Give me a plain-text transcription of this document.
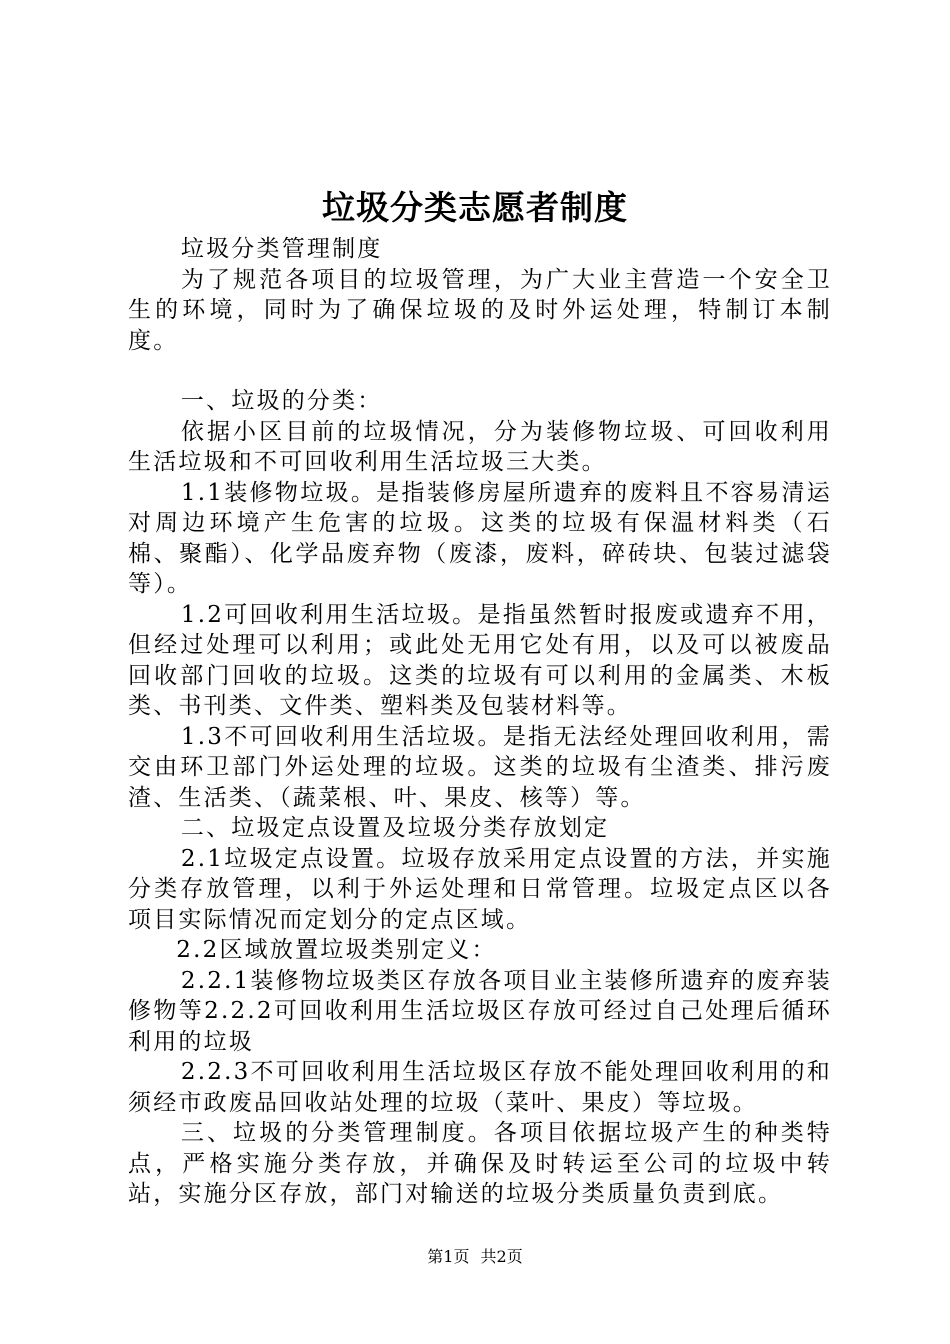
垃圾分类志愿者制度

垃圾分类管理制度

为了规范各项目的垃圾管理，为广大业主营造一个安全卫生的环境，同时为了确保垃圾的及时外运处理，特制订本制度。

一、垃圾的分类：

依据小区目前的垃圾情况，分为装修物垃圾、可回收利用生活垃圾和不可回收利用生活垃圾三大类。

1.1装修物垃圾。是指装修房屋所遗弃的废料且不容易清运对周边环境产生危害的垃圾。这类的垃圾有保温材料类（石棉、聚酯）、化学品废弃物（废漆，废料，碎砖块、包装过滤袋等）。

1.2可回收利用生活垃圾。是指虽然暂时报废或遗弃不用，但经过处理可以利用；或此处无用它处有用，以及可以被废品回收部门回收的垃圾。这类的垃圾有可以利用的金属类、木板类、书刊类、文件类、塑料类及包装材料等。

1.3不可回收利用生活垃圾。是指无法经处理回收利用，需交由环卫部门外运处理的垃圾。这类的垃圾有尘渣类、排污废渣、生活类、（蔬菜根、叶、果皮、核等）等。

二、垃圾定点设置及垃圾分类存放划定

2.1垃圾定点设置。垃圾存放采用定点设置的方法，并实施分类存放管理，以利于外运处理和日常管理。垃圾定点区以各项目实际情况而定划分的定点区域。

2.2区域放置垃圾类别定义：

2.2.1装修物垃圾类区存放各项目业主装修所遗弃的废弃装修物等2.2.2可回收利用生活垃圾区存放可经过自己处理后循环利用的垃圾

2.2.3不可回收利用生活垃圾区存放不能处理回收利用的和须经市政废品回收站处理的垃圾（菜叶、果皮）等垃圾。

三、垃圾的分类管理制度。各项目依据垃圾产生的种类特点，严格实施分类存放，并确保及时转运至公司的垃圾中转站，实施分区存放，部门对输送的垃圾分类质量负责到底。

第1页 共2页
